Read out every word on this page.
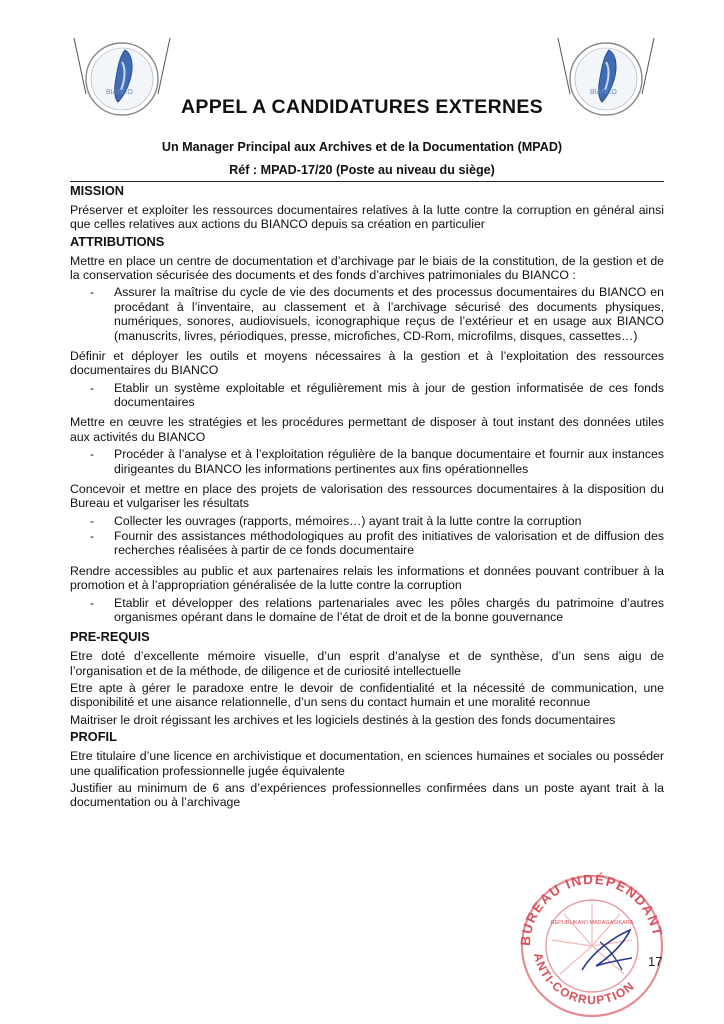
BIANCO	BIANCO
APPEL A CANDIDATURES EXTERNES
Un Manager Principal aux Archives et de la Documentation (MPAD)
Réf : MPAD-17/20 (Poste au niveau du siège)
MISSION
Préserver et exploiter les ressources documentaires relatives à la lutte contre la corruption en général ainsi que celles relatives aux actions du BIANCO depuis sa création en particulier
ATTRIBUTIONS
Mettre en place un centre de documentation et d’archivage par le biais de la constitution, de la gestion et de la conservation sécurisée des documents et des fonds d’archives patrimoniales du BIANCO :
- Assurer la maîtrise du cycle de vie des documents et des processus documentaires du BIANCO en procédant à l’inventaire, au classement et à l’archivage sécurisé des documents physiques, numériques, sonores, audiovisuels, iconographique reçus de l’extérieur et en usage aux BIANCO (manuscrits, livres, périodiques, presse, microfiches, CD-Rom, microfilms, disques, cassettes…)
Définir et déployer les outils et moyens nécessaires à la gestion et à l’exploitation des ressources documentaires du BIANCO
- Etablir un système exploitable et régulièrement mis à jour de gestion informatisée de ces fonds documentaires
Mettre en œuvre les stratégies et les procédures permettant de disposer à tout instant des données utiles aux activités du BIANCO
- Procéder à l’analyse et à l’exploitation régulière de la banque documentaire et fournir aux instances dirigeantes du BIANCO les informations pertinentes aux fins opérationnelles
Concevoir et mettre en place des projets de valorisation des ressources documentaires à la disposition du Bureau et vulgariser les résultats
- Collecter les ouvrages (rapports, mémoires…) ayant trait à la lutte contre la corruption
- Fournir des assistances méthodologiques au profit des initiatives de valorisation et de diffusion des recherches réalisées à partir de ce fonds documentaire
Rendre accessibles au public et aux partenaires relais les informations et données pouvant contribuer à la promotion et à l’appropriation généralisée de la lutte contre la corruption
- Etablir et développer des relations partenariales avec les pôles chargés du patrimoine d’autres organismes opérant dans le domaine de l’état de droit et de la bonne gouvernance
PRE-REQUIS
Etre doté d’excellente mémoire visuelle, d’un esprit d’analyse et de synthèse, d’un sens aigu de l’organisation et de la méthode, de diligence et de curiosité intellectuelle
Etre apte à gérer le paradoxe entre le devoir de confidentialité et la nécessité de communication, une disponibilité et une aisance relationnelle, d’un sens du contact humain et une moralité reconnue
Maitriser le droit régissant les archives et les logiciels destinés à la gestion des fonds documentaires
PROFIL
Etre titulaire d’une licence en archivistique et documentation, en sciences humaines et sociales ou posséder une qualification professionnelle jugée équivalente
Justifier au minimum de 6 ans d’expériences professionnelles confirmées dans un poste ayant trait à la documentation ou à l’archivage
BUREAU INDÉPENDANT
ANTI-CORRUPTION
REPUBLIKAN'I MADAGASIKARA
17
